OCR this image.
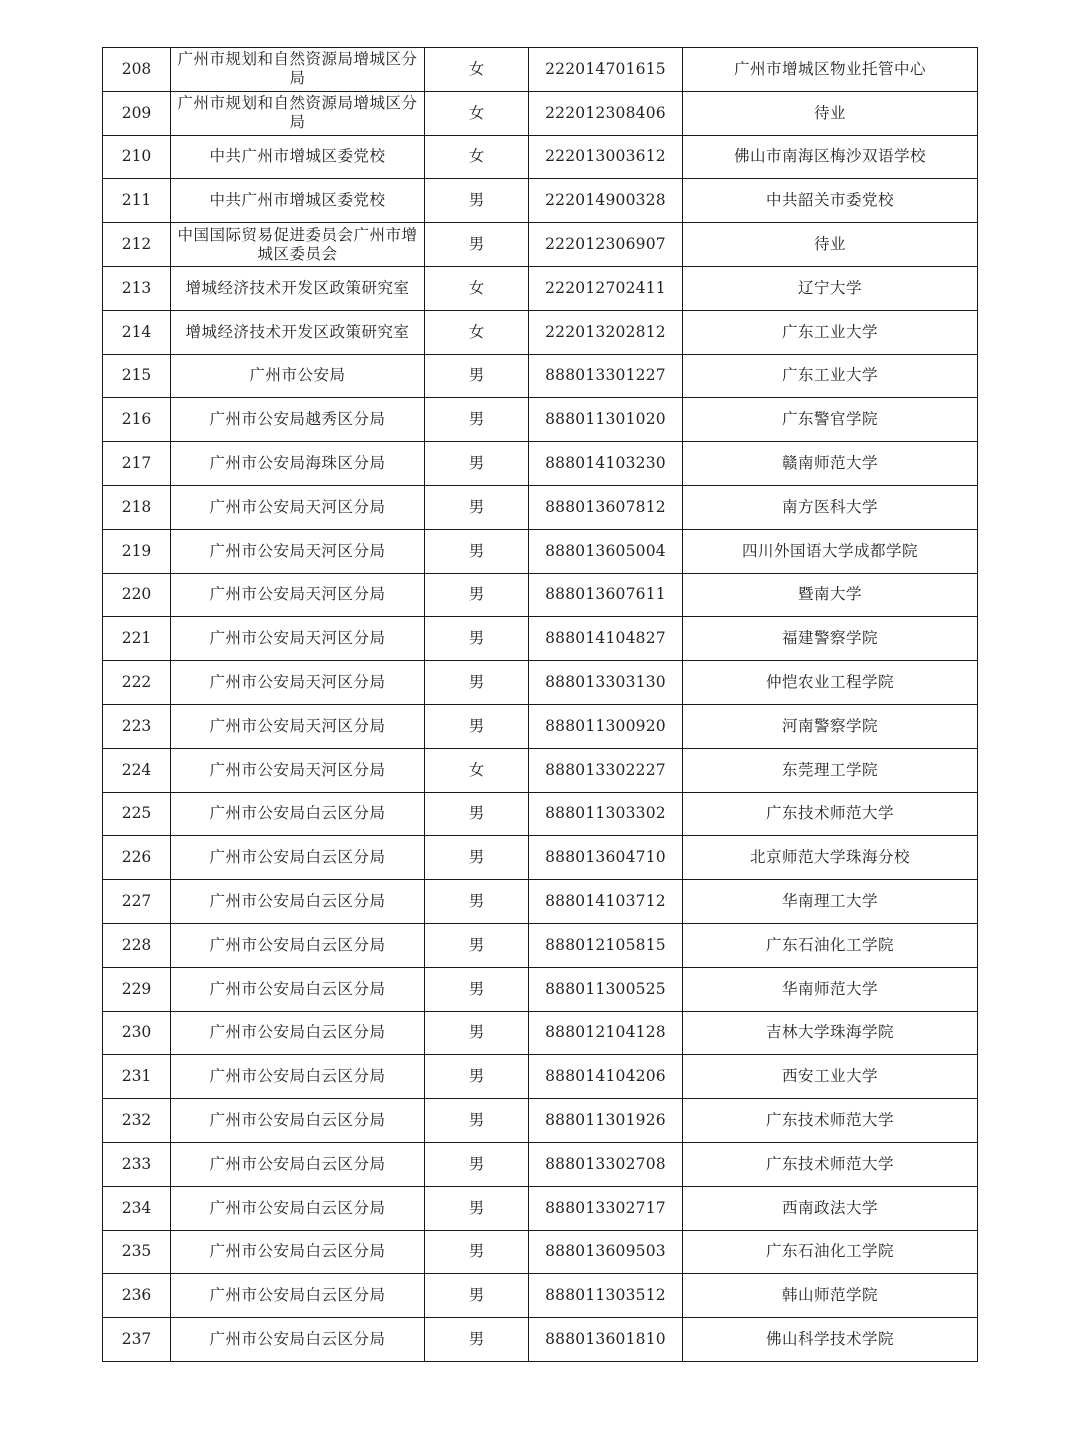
208	广州市规划和自然资源局增城区分局	女	222014701615	广州市增城区物业托管中心
209	广州市规划和自然资源局增城区分局	女	222012308406	待业
210	中共广州市增城区委党校	女	222013003612	佛山市南海区梅沙双语学校
211	中共广州市增城区委党校	男	222014900328	中共韶关市委党校
212	中国国际贸易促进委员会广州市增城区委员会	男	222012306907	待业
213	增城经济技术开发区政策研究室	女	222012702411	辽宁大学
214	增城经济技术开发区政策研究室	女	222013202812	广东工业大学
215	广州市公安局	男	888013301227	广东工业大学
216	广州市公安局越秀区分局	男	888011301020	广东警官学院
217	广州市公安局海珠区分局	男	888014103230	赣南师范大学
218	广州市公安局天河区分局	男	888013607812	南方医科大学
219	广州市公安局天河区分局	男	888013605004	四川外国语大学成都学院
220	广州市公安局天河区分局	男	888013607611	暨南大学
221	广州市公安局天河区分局	男	888014104827	福建警察学院
222	广州市公安局天河区分局	男	888013303130	仲恺农业工程学院
223	广州市公安局天河区分局	男	888011300920	河南警察学院
224	广州市公安局天河区分局	女	888013302227	东莞理工学院
225	广州市公安局白云区分局	男	888011303302	广东技术师范大学
226	广州市公安局白云区分局	男	888013604710	北京师范大学珠海分校
227	广州市公安局白云区分局	男	888014103712	华南理工大学
228	广州市公安局白云区分局	男	888012105815	广东石油化工学院
229	广州市公安局白云区分局	男	888011300525	华南师范大学
230	广州市公安局白云区分局	男	888012104128	吉林大学珠海学院
231	广州市公安局白云区分局	男	888014104206	西安工业大学
232	广州市公安局白云区分局	男	888011301926	广东技术师范大学
233	广州市公安局白云区分局	男	888013302708	广东技术师范大学
234	广州市公安局白云区分局	男	888013302717	西南政法大学
235	广州市公安局白云区分局	男	888013609503	广东石油化工学院
236	广州市公安局白云区分局	男	888011303512	韩山师范学院
237	广州市公安局白云区分局	男	888013601810	佛山科学技术学院
